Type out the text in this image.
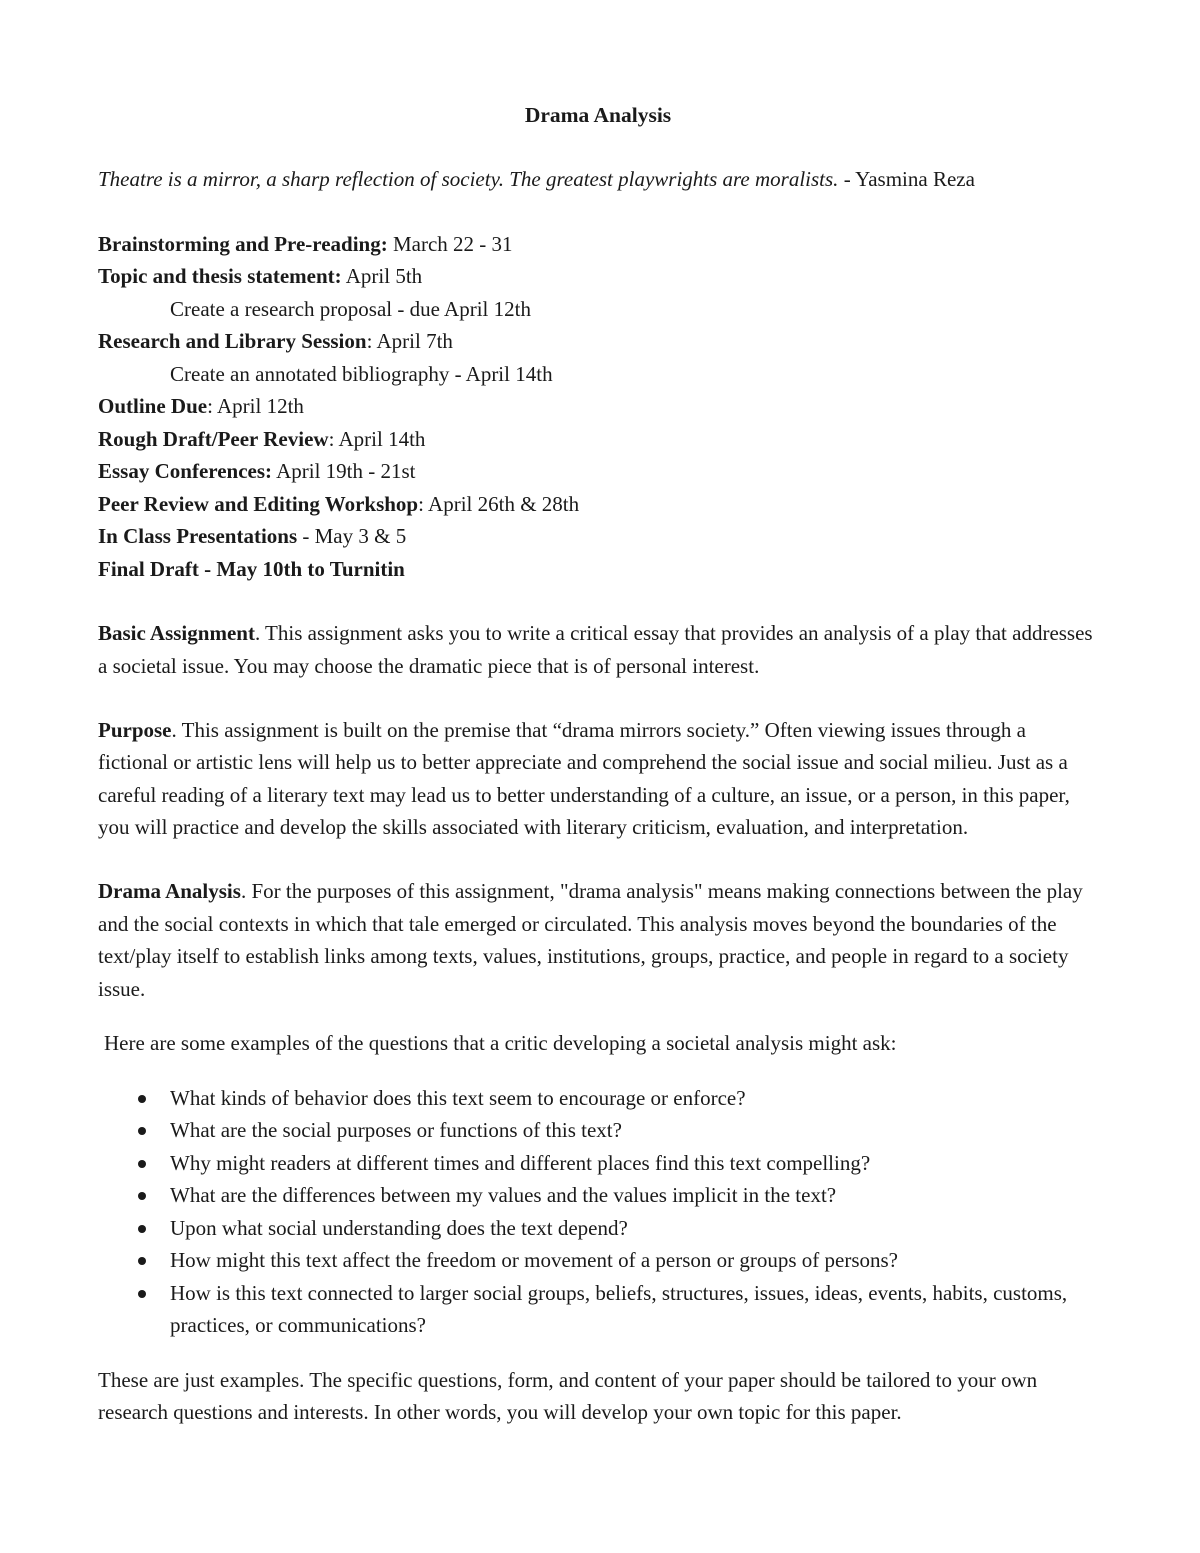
Drama Analysis

Theatre is a mirror, a sharp reflection of society. The greatest playwrights are moralists. - Yasmina Reza

Brainstorming and Pre-reading: March 22 - 31
Topic and thesis statement: April 5th
Create a research proposal - due April 12th
Research and Library Session: April 7th
Create an annotated bibliography - April 14th
Outline Due: April 12th
Rough Draft/Peer Review: April 14th
Essay Conferences: April 19th - 21st
Peer Review and Editing Workshop: April 26th & 28th
In Class Presentations - May 3 & 5
Final Draft - May 10th to Turnitin

Basic Assignment. This assignment asks you to write a critical essay that provides an analysis of a play that addresses a societal issue. You may choose the dramatic piece that is of personal interest.

Purpose. This assignment is built on the premise that “drama mirrors society.” Often viewing issues through a fictional or artistic lens will help us to better appreciate and comprehend the social issue and social milieu. Just as a careful reading of a literary text may lead us to better understanding of a culture, an issue, or a person, in this paper, you will practice and develop the skills associated with literary criticism, evaluation, and interpretation.

Drama Analysis. For the purposes of this assignment, "drama analysis" means making connections between the play and the social contexts in which that tale emerged or circulated. This analysis moves beyond the boundaries of the text/play itself to establish links among texts, values, institutions, groups, practice, and people in regard to a society issue.

Here are some examples of the questions that a critic developing a societal analysis might ask:

What kinds of behavior does this text seem to encourage or enforce?
What are the social purposes or functions of this text?
Why might readers at different times and different places find this text compelling?
What are the differences between my values and the values implicit in the text?
Upon what social understanding does the text depend?
How might this text affect the freedom or movement of a person or groups of persons?
How is this text connected to larger social groups, beliefs, structures, issues, ideas, events, habits, customs, practices, or communications?

These are just examples. The specific questions, form, and content of your paper should be tailored to your own research questions and interests. In other words, you will develop your own topic for this paper.
